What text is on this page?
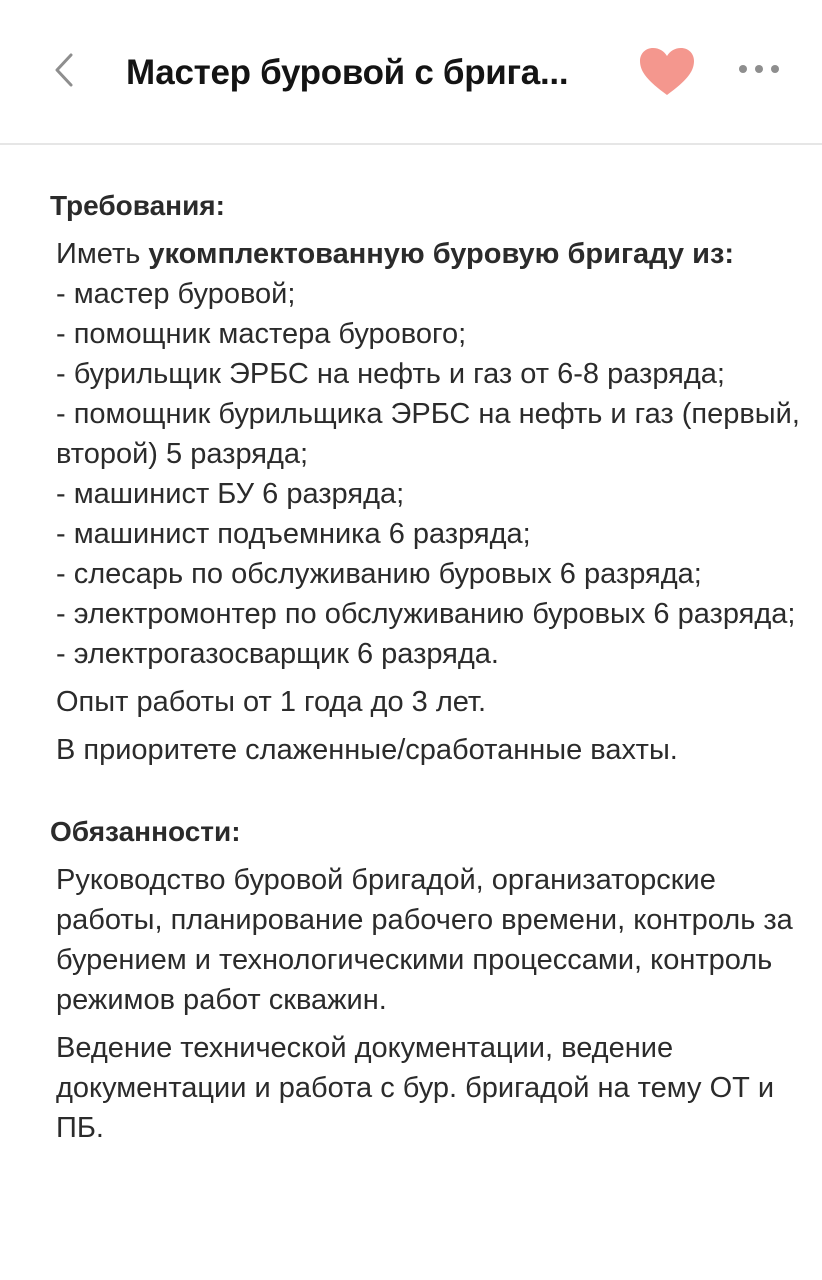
Мастер буровой с брига...
Требования:

Иметь укомплектованную буровую бригаду из:

- мастер буровой;
- помощник мастера бурового;
- бурильщик ЭРБС на нефть и газ от 6-8 разряда;
- помощник бурильщика ЭРБС на нефть и газ (первый, второй) 5 разряда;
- машинист БУ 6 разряда;
- машинист подъемника 6 разряда;
- слесарь по обслуживанию буровых 6 разряда;
- электромонтер по обслуживанию буровых 6 разряда;
- электрогазосварщик 6 разряда.

Опыт работы от 1 года до 3 лет.

В приоритете слаженные/сработанные вахты.

Обязанности:

Руководство буровой бригадой, организаторские работы, планирование рабочего времени, контроль за бурением и технологическими процессами, контроль режимов работ скважин.

Ведение технической документации, ведение документации и работа с бур. бригадой на тему ОТ и ПБ.
